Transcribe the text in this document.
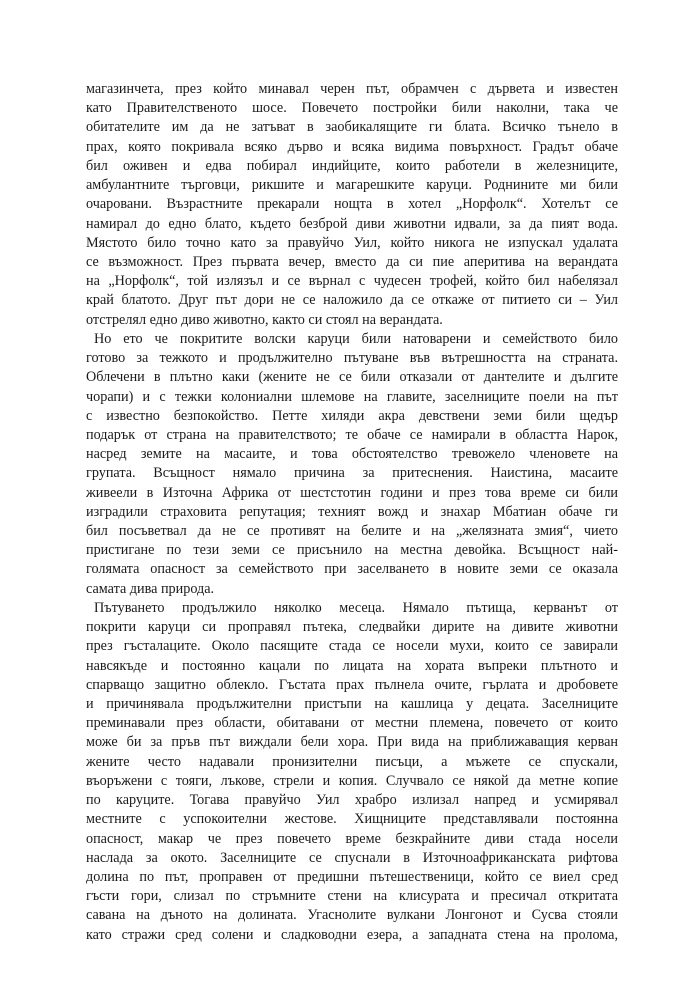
магазинчета, през който минавал черен път, обрамчен с дървета и известен
като Правителственото шосе. Повечето постройки били наколни, така че
обитателите им да не затъват в заобикалящите ги блата. Всичко тънело в
прах, която покривала всяко дърво и всяка видима повърхност. Градът обаче
бил оживен и едва побирал индийците, които работели в железниците,
амбулантните търговци, рикшите и магарешките каруци. Роднините ми били
очаровани. Възрастните прекарали нощта в хотел „Норфолк“. Хотелът се
намирал до едно блато, където безброй диви животни идвали, за да пият вода.
Мястото било точно като за правуйчо Уил, който никога не изпускал удалата
се възможност. През първата вечер, вместо да си пие аперитива на верандата
на „Норфолк“, той излязъл и се върнал с чудесен трофей, който бил набелязал
край блатото. Друг път дори не се наложило да се откаже от питието си – Уил
отстрелял едно диво животно, както си стоял на верандата.
Но ето че покритите волски каруци били натоварени и семейството било
готово за тежкото и продължително пътуване във вътрешността на страната.
Облечени в плътно каки (жените не се били отказали от дантелите и дългите
чорапи) и с тежки колониални шлемове на главите, заселниците поели на път
с известно безпокойство. Петте хиляди акра девствени земи били щедър
подарък от страна на правителството; те обаче се намирали в областта Нарок,
насред земите на масаите, и това обстоятелство тревожело членовете на
групата. Всъщност нямало причина за притеснения. Наистина, масаите
живеели в Източна Африка от шестстотин години и през това време си били
изградили страховита репутация; техният вожд и знахар Мбатиан обаче ги
бил посъветвал да не се противят на белите и на „желязната змия“, чието
пристигане по тези земи се присънило на местна девойка. Всъщност най-
голямата опасност за семейството при заселването в новите земи се оказала
самата дива природа.
Пътуването продължило няколко месеца. Нямало пътища, керванът от
покрити каруци си проправял пътека, следвайки дирите на дивите животни
през гъсталаците. Около пасящите стада се носели мухи, които се завирали
навсякъде и постоянно кацали по лицата на хората въпреки плътното и
спарващо защитно облекло. Гъстата прах пълнела очите, гърлата и дробовете
и причинявала продължителни пристъпи на кашлица у децата. Заселниците
преминавали през области, обитавани от местни племена, повечето от които
може би за пръв път виждали бели хора. При вида на приближаващия керван
жените често надавали пронизителни писъци, а мъжете се спускали,
въоръжени с тояги, лъкове, стрели и копия. Случвало се някой да метне копие
по каруците. Тогава правуйчо Уил храбро излизал напред и усмирявал
местните с успокоителни жестове. Хищниците представлявали постоянна
опасност, макар че през повечето време безкрайните диви стада носели
наслада за окото. Заселниците се спуснали в Източноафриканската рифтова
долина по път, проправен от предишни пътешественици, който се виел сред
гъсти гори, слизал по стръмните стени на клисурата и пресичал откритата
савана на дъното на долината. Угаснолите вулкани Лонгонот и Сусва стояли
като стражи сред солени и сладководни езера, а западната стена на пролома,
